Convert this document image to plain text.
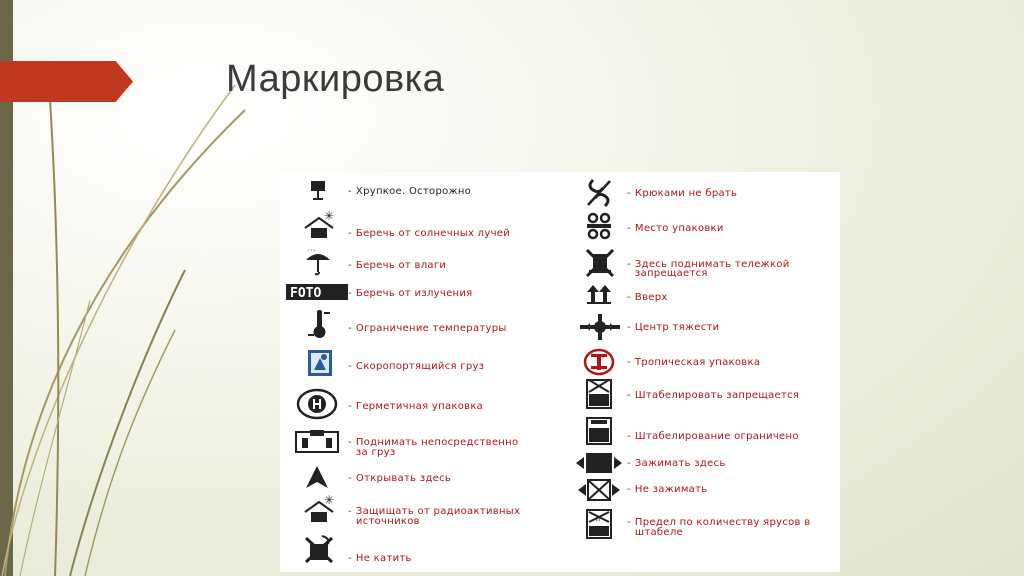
Маркировка
- Хрупкое. Осторожно
✳
- Беречь от солнечных лучей
' ' '
- Беречь от влаги
FOTO	- Беречь от излучения
- Ограничение температуры
- Скоропортящийся груз
- Герметичная упаковка
- Поднимать непосредственно
за груз
- Открывать здесь
✳
- Защищать от радиоактивных
источников
- Не катить
- Крюками не брать
- Место упаковки
- Здесь поднимать тележкой
запрещается
- Вверх
- Центр тяжести
- Тропическая упаковка
- Штабелировать запрещается
- Штабелирование ограничено
- Зажимать здесь
- Не зажимать
n	- Предел по количеству ярусов в
штабеле
